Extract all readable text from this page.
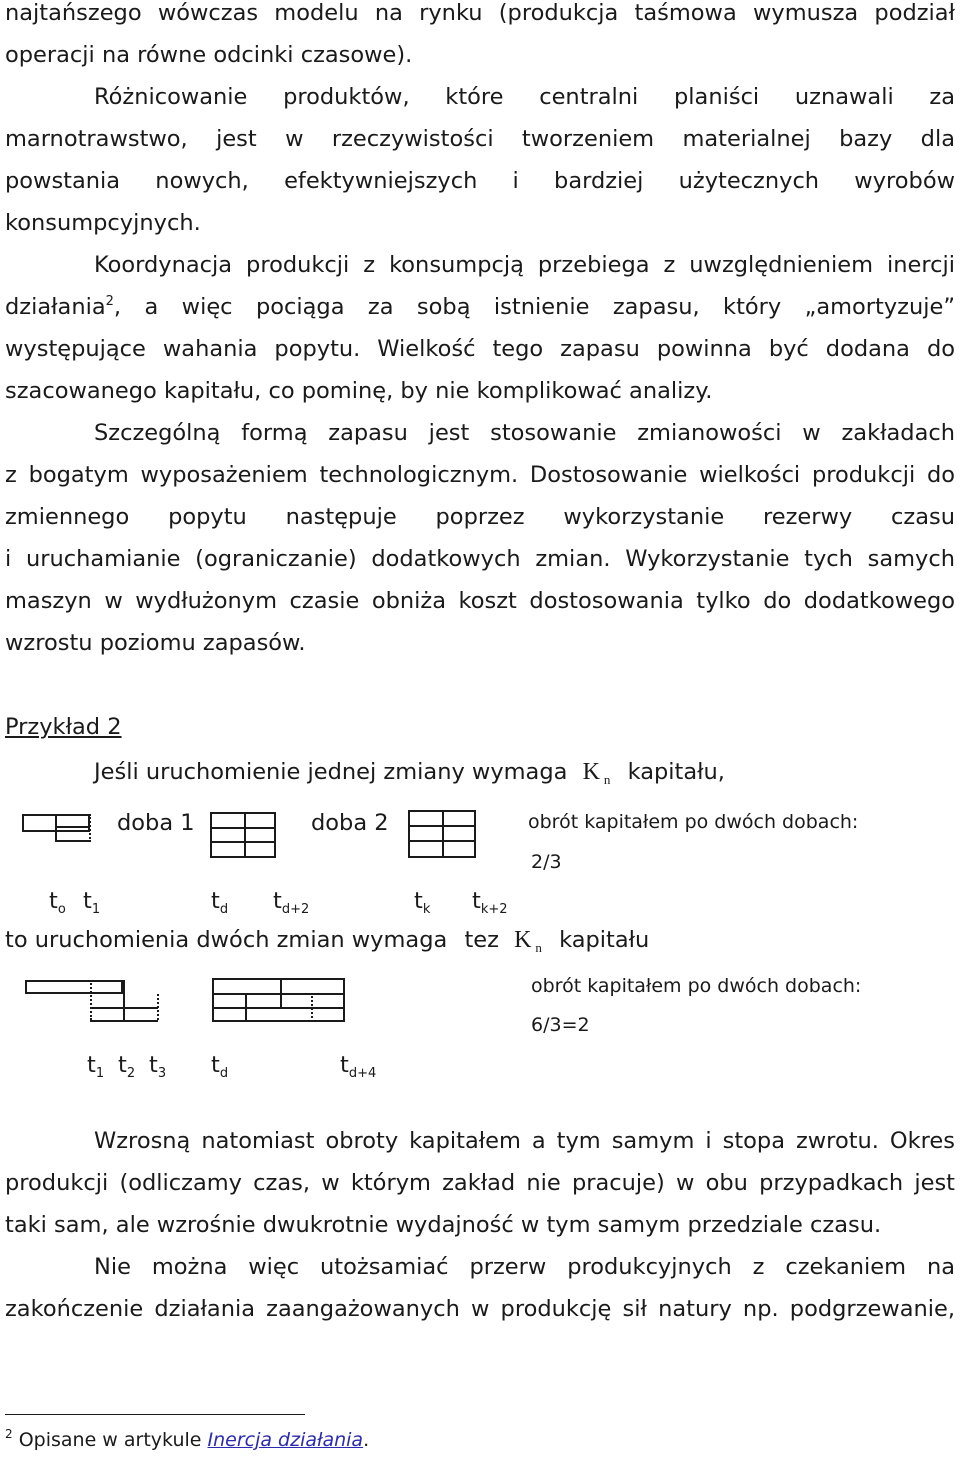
najtańszego wówczas modelu na rynku (produkcja taśmowa wymusza podział
operacji na równe odcinki czasowe).
Różnicowanie produktów, które centralni planiści uznawali za
marnotrawstwo, jest w rzeczywistości tworzeniem materialnej bazy dla
powstania nowych, efektywniejszych i bardziej użytecznych wyrobów
konsumpcyjnych.
Koordynacja produkcji z konsumpcją przebiega z uwzględnieniem inercji
działania$^2$, a więc pociąga za sobą istnienie zapasu, który „amortyzuje”
występujące wahania popytu. Wielkość tego zapasu powinna być dodana do
szacowanego kapitału, co pominę, by nie komplikować analizy.
Szczególną formą zapasu jest stosowanie zmianowości w zakładach
z bogatym wyposażeniem technologicznym. Dostosowanie wielkości produkcji do
zmiennego popytu następuje poprzez wykorzystanie rezerwy czasu
i uruchamianie (ograniczanie) dodatkowych zmian. Wykorzystanie tych samych
maszyn w wydłużonym czasie obniża koszt dostosowania tylko do dodatkowego
wzrostu poziomu zapasów.
Przykład 2
Jeśli uruchomienie jednej zmiany wymaga K $_n$ kapitału,
doba 1	doba 2	obrót kapitałem po dwóch dobach:
2/3
$t_o$ $t_1$	$t_d$ $t_{d+2}$	$t_k$ $t_{k+2}$
to uruchomienia dwóch zmian wymaga tez K $_n$ kapitału
obrót kapitałem po dwóch dobach:
6/3=2
$t_1$ $t_2$ $t_3$ $t_d$	$t_{d+4}$
Wzrosną natomiast obroty kapitałem a tym samym i stopa zwrotu. Okres
produkcji (odliczamy czas, w którym zakład nie pracuje) w obu przypadkach jest
taki sam, ale wzrośnie dwukrotnie wydajność w tym samym przedziale czasu.
Nie można więc utożsamiać przerw produkcyjnych z czekaniem na
zakończenie działania zaangażowanych w produkcję sił natury np. podgrzewanie,
$^2$ Opisane w artykule Inercja działania.
